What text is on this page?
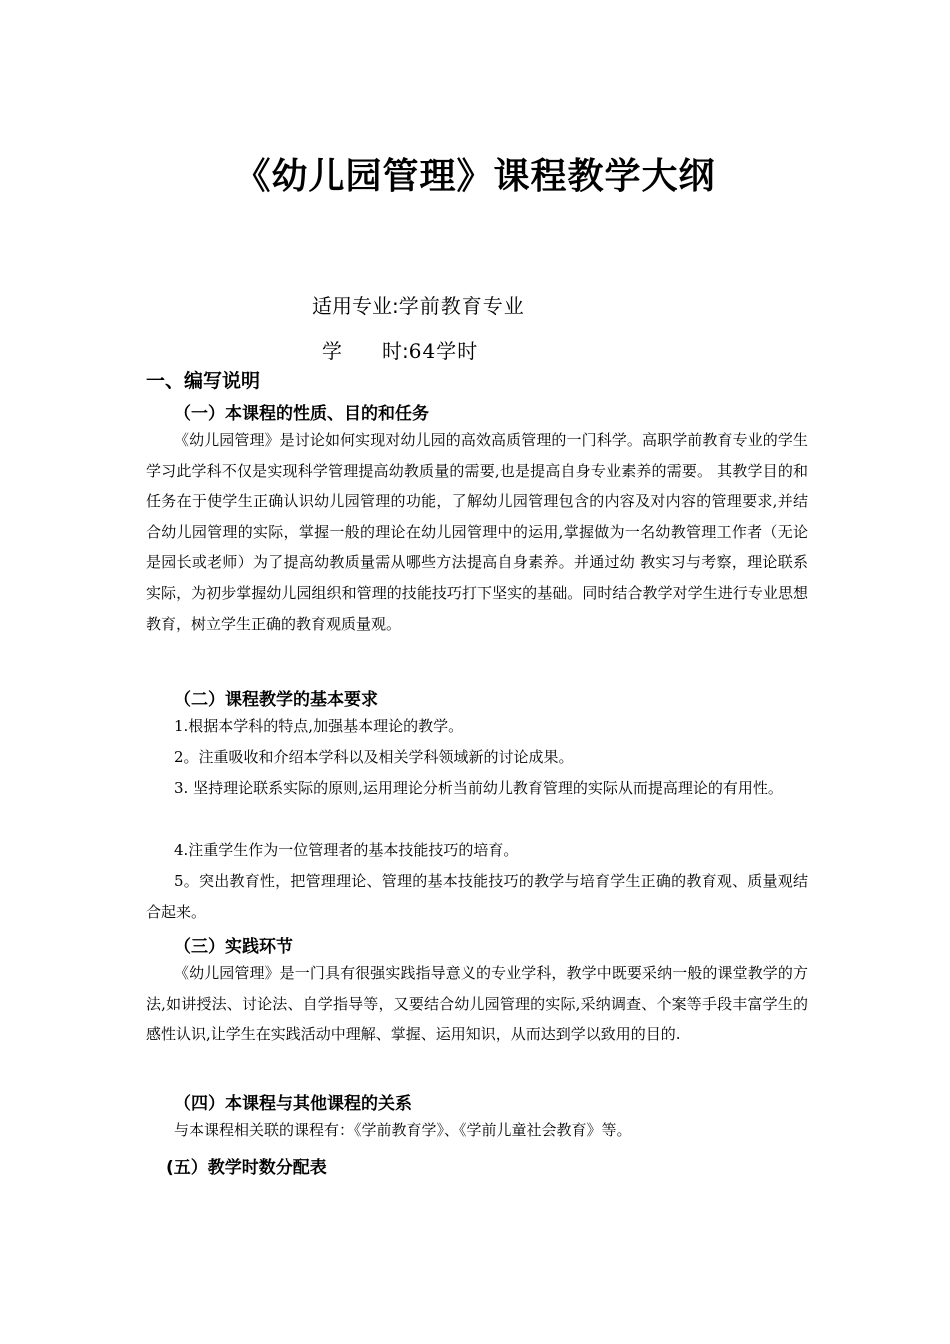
《幼儿园管理》课程教学大纲
适用专业:学前教育专业
学　　时:64学时
一、编写说明
（一）本课程的性质、目的和任务

《幼儿园管理》是讨论如何实现对幼儿园的高效高质管理的一门科学。高职学前教育专业的学生学习此学科不仅是实现科学管理提高幼教质量的需要,也是提高自身专业素养的需要。 其教学目的和任务在于使学生正确认识幼儿园管理的功能，了解幼儿园管理包含的内容及对内容的管理要求,并结合幼儿园管理的实际，掌握一般的理论在幼儿园管理中的运用,掌握做为一名幼教管理工作者（无论是园长或老师）为了提高幼教质量需从哪些方法提高自身素养。并通过幼 教实习与考察，理论联系实际，为初步掌握幼儿园组织和管理的技能技巧打下坚实的基础。同时结合教学对学生进行专业思想教育，树立学生正确的教育观质量观。

（二）课程教学的基本要求

1.根据本学科的特点,加强基本理论的教学。

2。注重吸收和介绍本学科以及相关学科领域新的讨论成果。

3. 坚持理论联系实际的原则,运用理论分析当前幼儿教育管理的实际从而提高理论的有用性。

4.注重学生作为一位管理者的基本技能技巧的培育。

5。突出教育性，把管理理论、管理的基本技能技巧的教学与培育学生正确的教育观、质量观结合起来。

（三）实践环节

《幼儿园管理》是一门具有很强实践指导意义的专业学科，教学中既要采纳一般的课堂教学的方法,如讲授法、讨论法、自学指导等，又要结合幼儿园管理的实际,采纳调查、个案等手段丰富学生的感性认识,让学生在实践活动中理解、掌握、运用知识，从而达到学以致用的目的.

（四）本课程与其他课程的关系

与本课程相关联的课程有：《学前教育学》、《学前儿童社会教育》等。

(五）教学时数分配表
